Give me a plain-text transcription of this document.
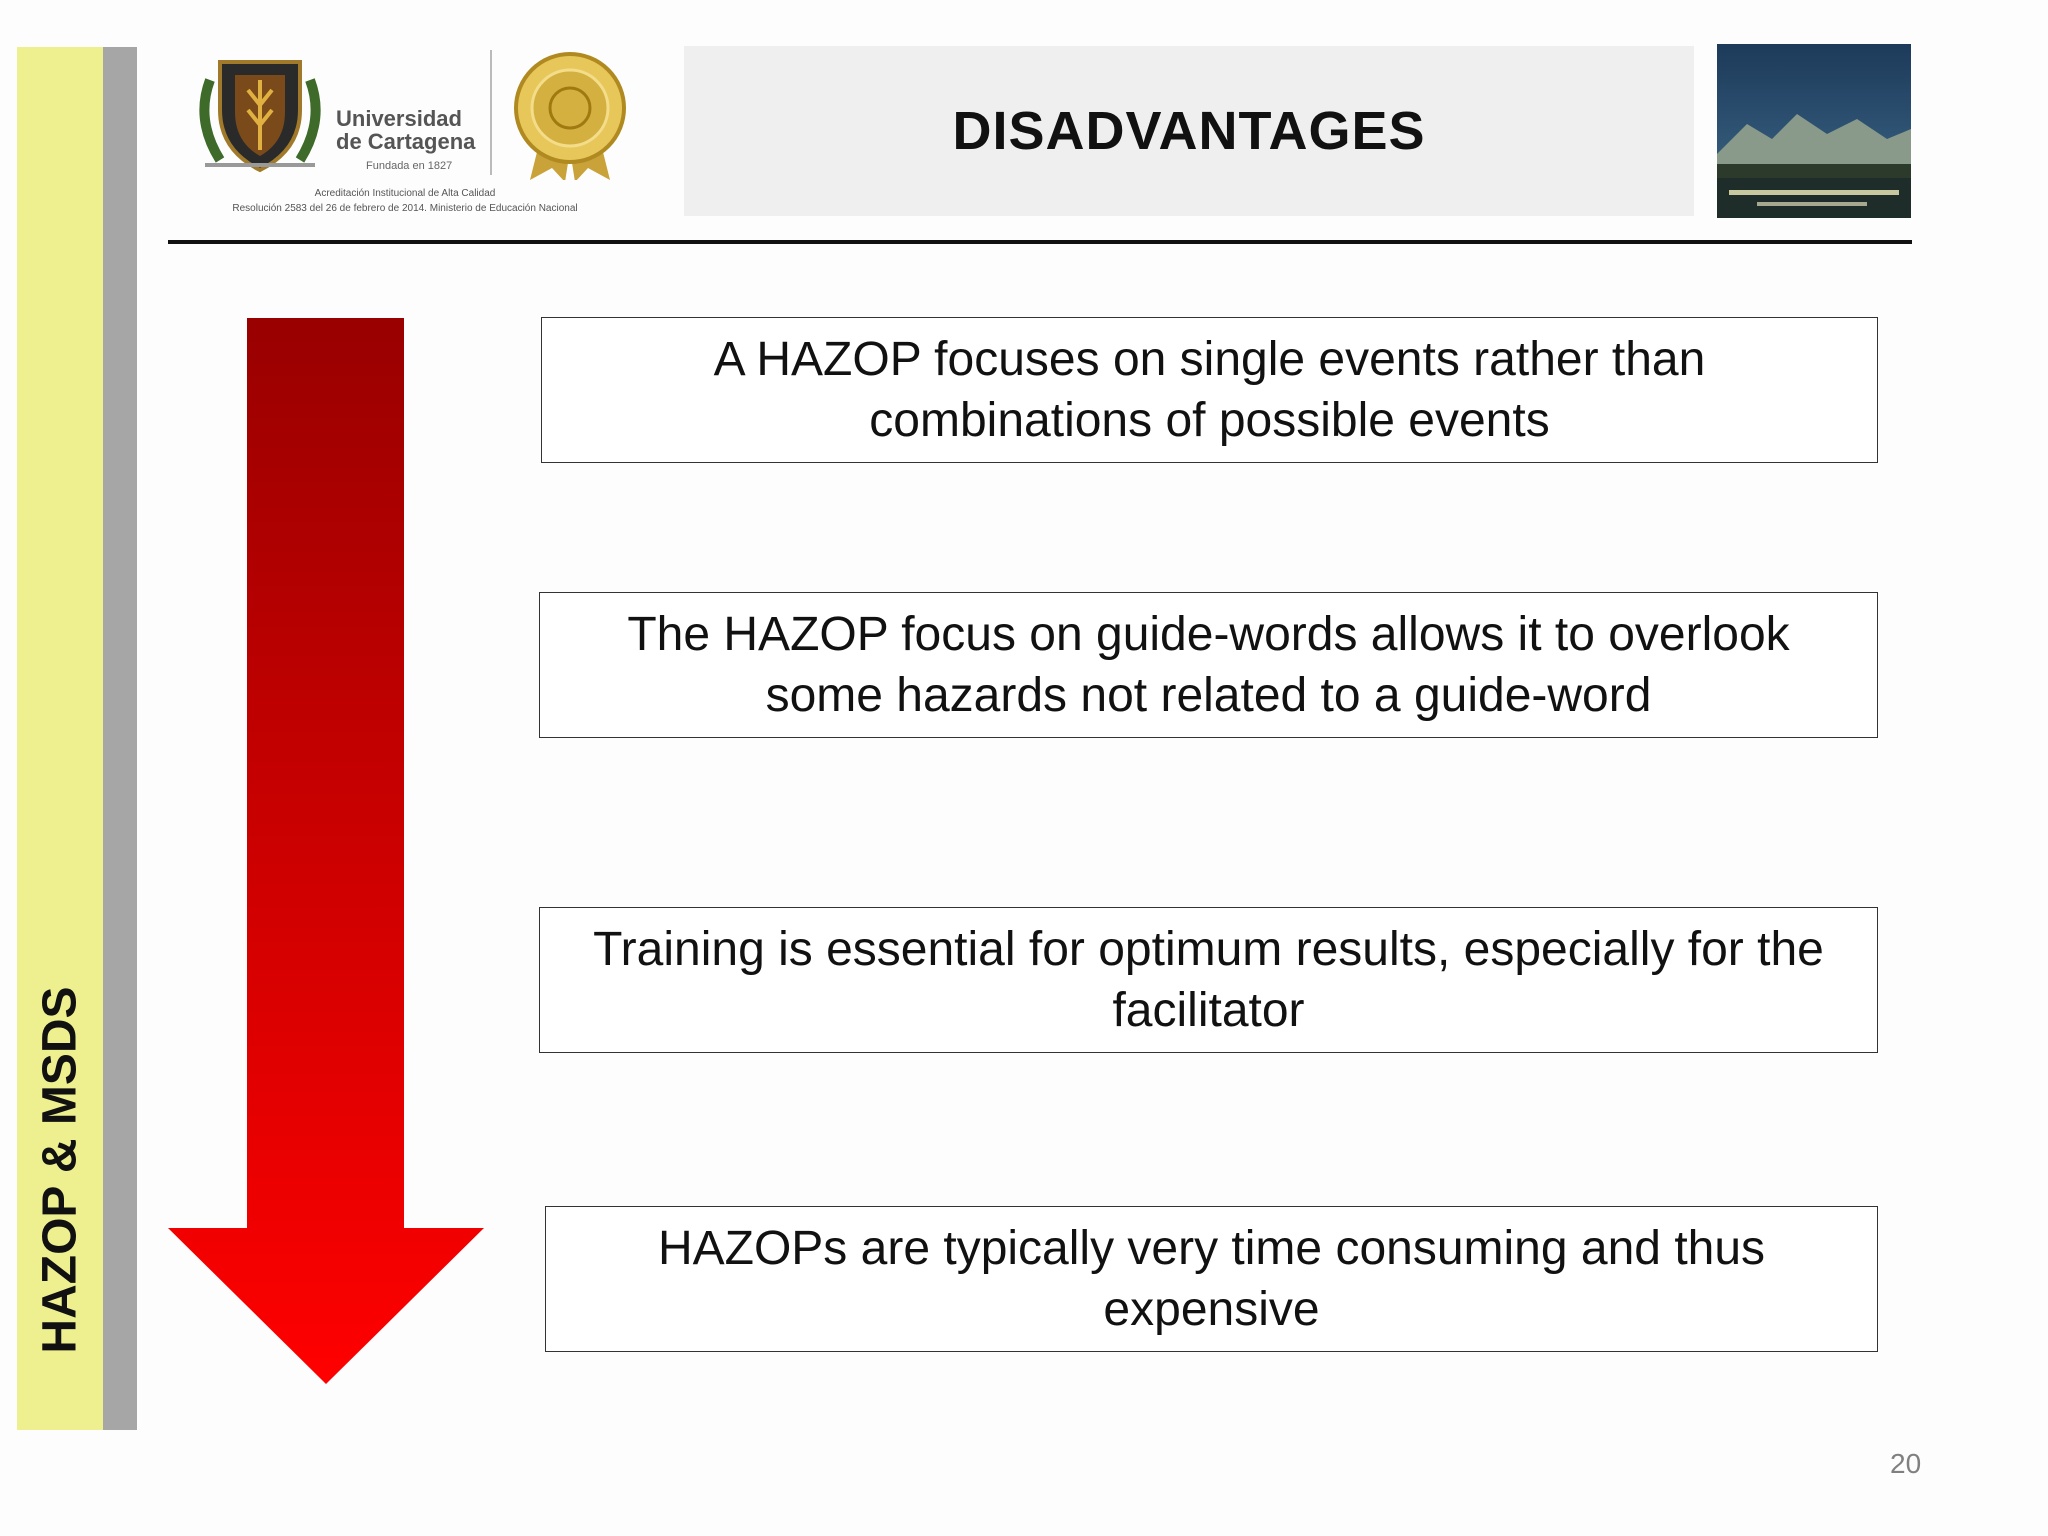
HAZOP & MSDS
Universidad
de Cartagena
Fundada en 1827
Acreditación Institucional de Alta Calidad
Resolución 2583 del 26 de febrero de 2014. Ministerio de Educación Nacional
DISADVANTAGES
A HAZOP focuses on single events rather than combinations of possible events
The HAZOP focus on guide-words allows it to overlook some hazards not related to a guide-word
Training is essential for optimum results, especially for the facilitator
HAZOPs are typically very time consuming and thus expensive
20
